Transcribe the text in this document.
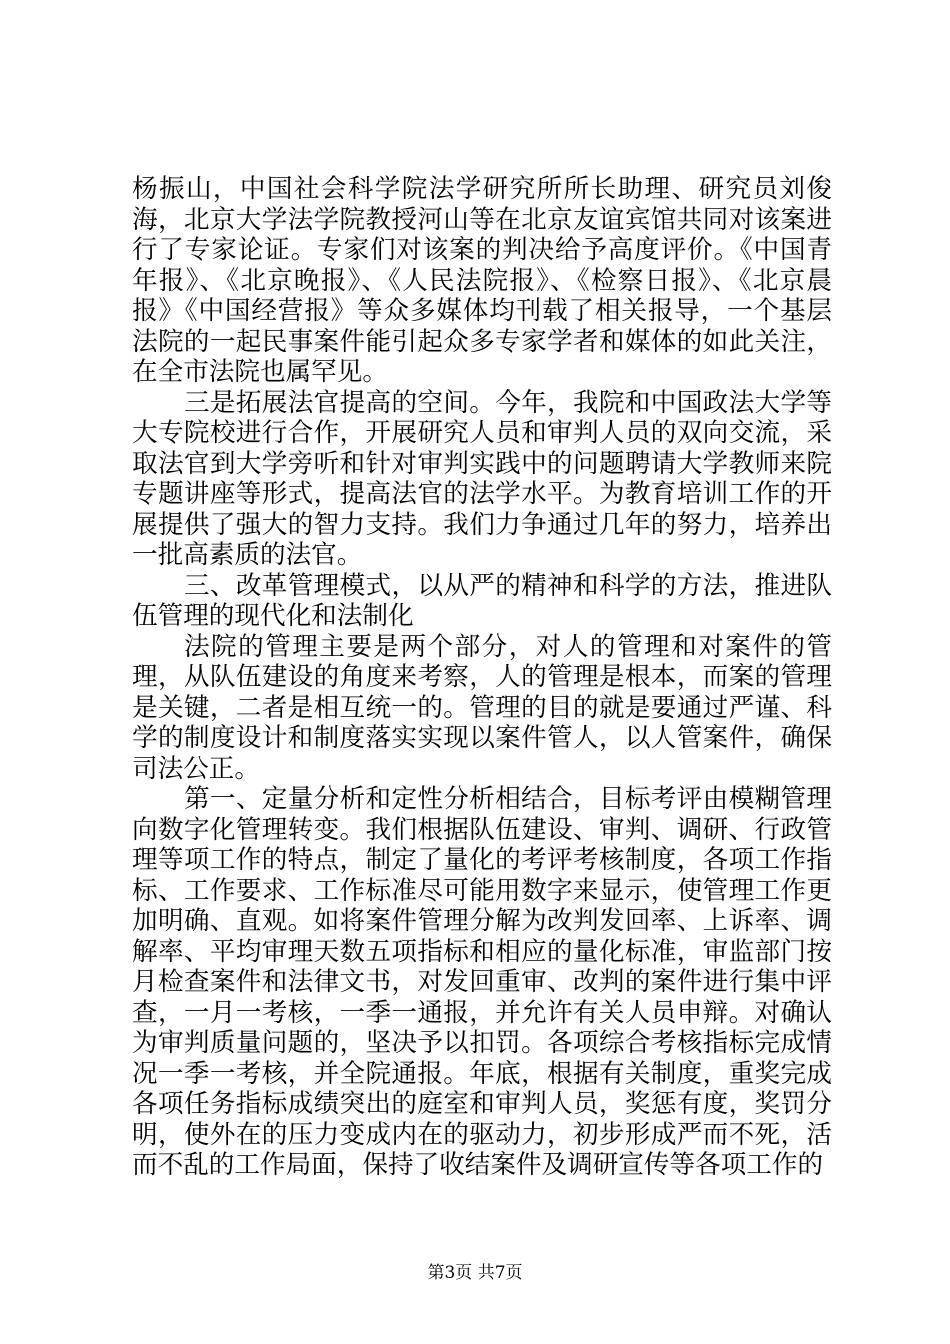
杨振山，中国社会科学院法学研究所所长助理、研究员刘俊海，北京大学法学院教授河山等在北京友谊宾馆共同对该案进行了专家论证。专家们对该案的判决给予高度评价。《中国青年报》、《北京晚报》、《人民法院报》、《检察日报》、《北京晨报》《中国经营报》等众多媒体均刊载了相关报导，一个基层法院的一起民事案件能引起众多专家学者和媒体的如此关注，在全市法院也属罕见。

三是拓展法官提高的空间。今年，我院和中国政法大学等大专院校进行合作，开展研究人员和审判人员的双向交流，采取法官到大学旁听和针对审判实践中的问题聘请大学教师来院专题讲座等形式，提高法官的法学水平。为教育培训工作的开展提供了强大的智力支持。我们力争通过几年的努力，培养出一批高素质的法官。

三、改革管理模式，以从严的精神和科学的方法，推进队伍管理的现代化和法制化

法院的管理主要是两个部分，对人的管理和对案件的管理，从队伍建设的角度来考察，人的管理是根本，而案的管理是关键，二者是相互统一的。管理的目的就是要通过严谨、科学的制度设计和制度落实实现以案件管人，以人管案件，确保司法公正。

第一、定量分析和定性分析相结合，目标考评由模糊管理向数字化管理转变。我们根据队伍建设、审判、调研、行政管理等项工作的特点，制定了量化的考评考核制度，各项工作指标、工作要求、工作标准尽可能用数字来显示，使管理工作更加明确、直观。如将案件管理分解为改判发回率、上诉率、调解率、平均审理天数五项指标和相应的量化标准，审监部门按月检查案件和法律文书，对发回重审、改判的案件进行集中评查，一月一考核，一季一通报，并允许有关人员申辩。对确认为审判质量问题的，坚决予以扣罚。各项综合考核指标完成情况一季一考核，并全院通报。年底，根据有关制度，重奖完成各项任务指标成绩突出的庭室和审判人员，奖惩有度，奖罚分明，使外在的压力变成内在的驱动力，初步形成严而不死，活而不乱的工作局面，保持了收结案件及调研宣传等各项工作的

第3页 共7页
